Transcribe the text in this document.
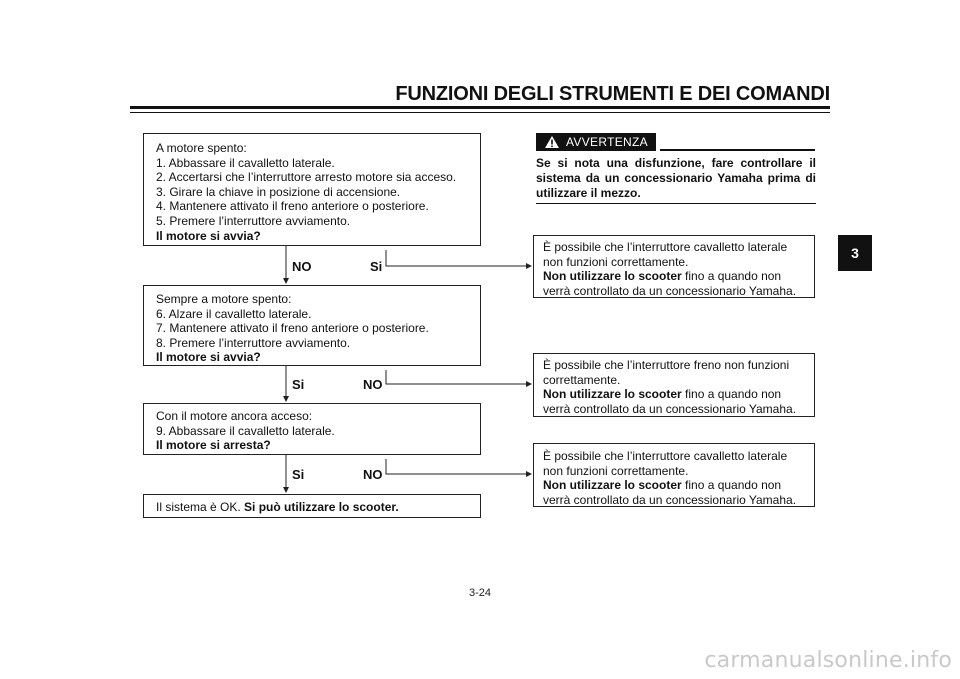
FUNZIONI DEGLI STRUMENTI E DEI COMANDI
3
A motore spento:
1. Abbassare il cavalletto laterale.
2. Accertarsi che l’interruttore arresto motore sia acceso.
3. Girare la chiave in posizione di accensione.
4. Mantenere attivato il freno anteriore o posteriore.
5. Premere l’interruttore avviamento.
Il motore si avvia?
Sempre a motore spento:
6. Alzare il cavalletto laterale.
7. Mantenere attivato il freno anteriore o posteriore.
8. Premere l’interruttore avviamento.
Il motore si avvia?
Con il motore ancora acceso:
9. Abbassare il cavalletto laterale.
Il motore si arresta?
Il sistema è OK. Si può utilizzare lo scooter.
NO	Si
Si	NO
Si	NO
AVVERTENZA
Se si nota una disfunzione, fare controllare il sistema da un concessionario Yamaha prima di utilizzare il mezzo.
È possibile che l’interruttore cavalletto laterale
non funzioni correttamente.
Non utilizzare lo scooter fino a quando non
verrà controllato da un concessionario Yamaha.
È possibile che l’interruttore freno non funzioni
correttamente.
Non utilizzare lo scooter fino a quando non
verrà controllato da un concessionario Yamaha.
È possibile che l’interruttore cavalletto laterale
non funzioni correttamente.
Non utilizzare lo scooter fino a quando non
verrà controllato da un concessionario Yamaha.
3-24
carmanualsonline.info
